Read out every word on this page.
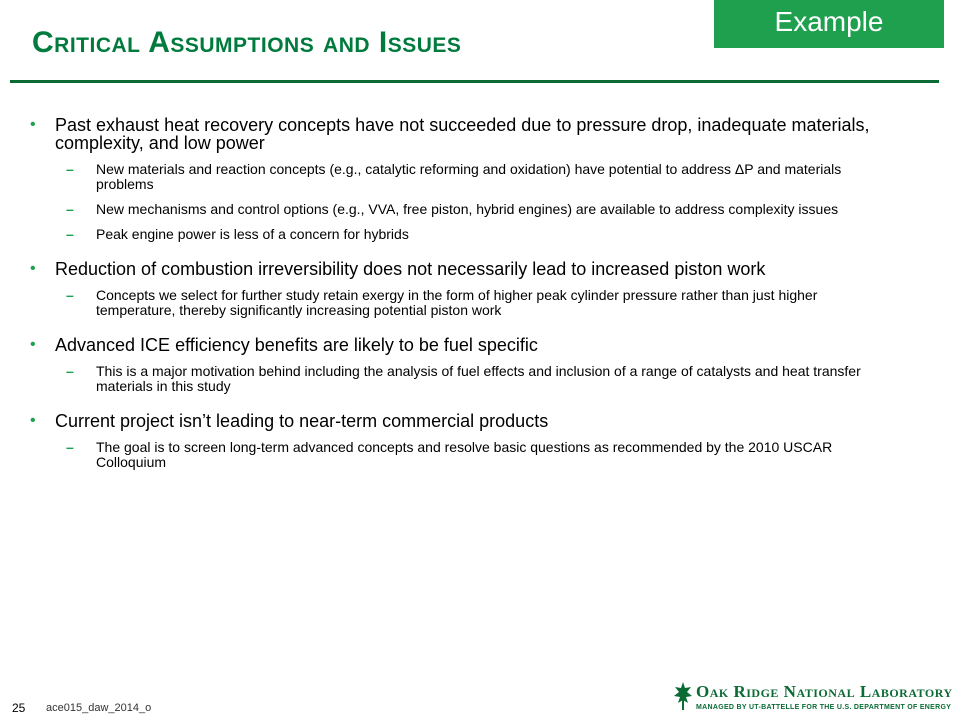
Critical Assumptions and Issues
Example
• Past exhaust heat recovery concepts have not succeeded due to pressure drop, inadequate materials, complexity, and low power
– New materials and reaction concepts (e.g., catalytic reforming and oxidation) have potential to address ΔP and materials problems
– New mechanisms and control options (e.g., VVA, free piston, hybrid engines) are available to address complexity issues
– Peak engine power is less of a concern for hybrids
• Reduction of combustion irreversibility does not necessarily lead to increased piston work
– Concepts we select for further study retain exergy in the form of higher peak cylinder pressure rather than just higher temperature, thereby significantly increasing potential piston work
• Advanced ICE efficiency benefits are likely to be fuel specific
– This is a major motivation behind including the analysis of fuel effects and inclusion of a range of catalysts and heat transfer materials in this study
• Current project isn’t leading to near-term commercial products
– The goal is to screen long-term advanced concepts and resolve basic questions as recommended by the 2010 USCAR Colloquium
25 ace015_daw_2014_o
Oak Ridge National Laboratory
MANAGED BY UT-BATTELLE FOR THE U.S. DEPARTMENT OF ENERGY
